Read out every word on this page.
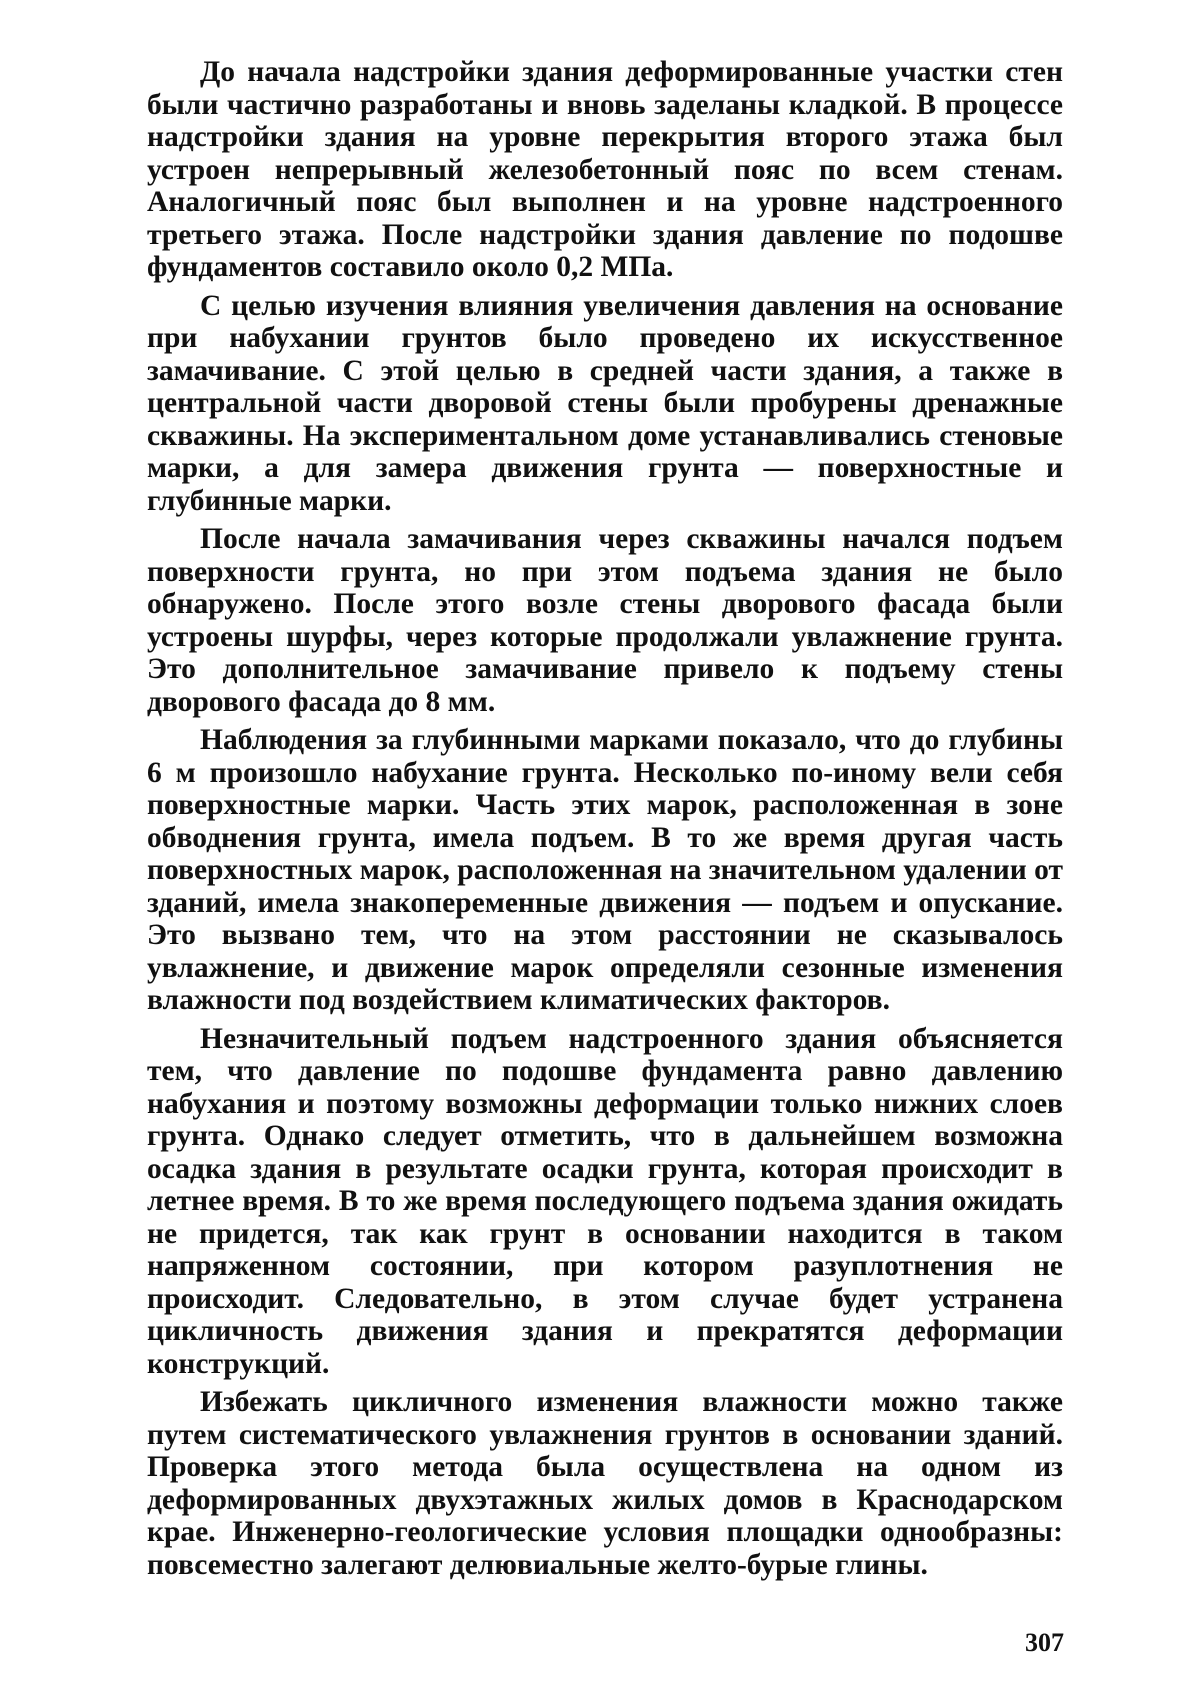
До начала надстройки здания деформированные участки стен были частично разработаны и вновь заделаны кладкой. В процессе надстройки здания на уровне перекрытия второго этажа был устроен непрерывный железобетонный пояс по всем стенам. Аналогичный пояс был выполнен и на уровне надстроенного третьего этажа. После надстройки здания давление по подошве фундаментов составило около 0,2 МПа.

С целью изучения влияния увеличения давления на основание при набухании грунтов было проведено их искусственное замачивание. С этой целью в средней части здания, а также в центральной части дворовой стены были пробурены дренажные скважины. На экспериментальном доме устанавливались стеновые марки, а для замера движения грунта — поверхностные и глубинные марки.

После начала замачивания через скважины начался подъем поверхности грунта, но при этом подъема здания не было обнаружено. После этого возле стены дворового фасада были устроены шурфы, через которые продолжали увлажнение грунта. Это дополнительное замачивание привело к подъему стены дворового фасада до 8 мм.

Наблюдения за глубинными марками показало, что до глубины 6 м произошло набухание грунта. Несколько по-иному вели себя поверхностные марки. Часть этих марок, расположенная в зоне обводнения грунта, имела подъем. В то же время другая часть поверхностных марок, расположенная на значительном удалении от зданий, имела знакопеременные движения — подъем и опускание. Это вызвано тем, что на этом расстоянии не сказывалось увлажнение, и движение марок определяли сезонные изменения влажности под воздействием климатических факторов.

Незначительный подъем надстроенного здания объясняется тем, что давление по подошве фундамента равно давлению набухания и поэтому возможны деформации только нижних слоев грунта. Однако следует отметить, что в дальнейшем возможна осадка здания в результате осадки грунта, которая происходит в летнее время. В то же время последующего подъема здания ожидать не придется, так как грунт в основании находится в таком напряженном состоянии, при котором разуплотнения не происходит. Следовательно, в этом случае будет устранена цикличность движения здания и прекратятся деформации конструкций.

Избежать цикличного изменения влажности можно также путем систематического увлажнения грунтов в основании зданий. Проверка этого метода была осуществлена на одном из деформированных двухэтажных жилых домов в Краснодарском крае. Инженерно-геологические условия площадки однообразны: повсеместно залегают делювиальные желто-бурые глины.

307
